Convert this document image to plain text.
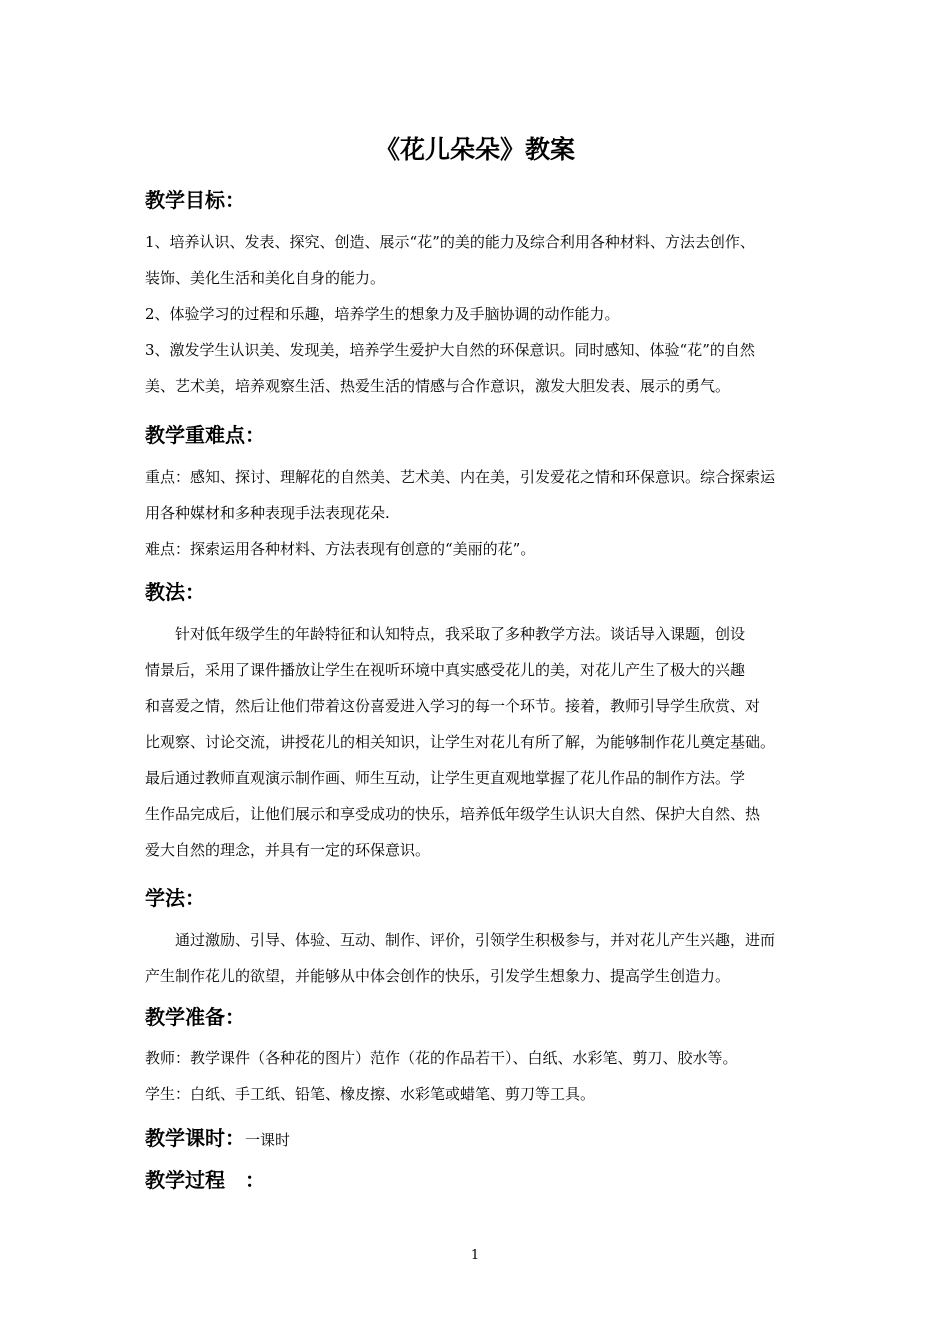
《花儿朵朵》教案
教学目标：
1、培养认识、发表、探究、创造、展示“花”的美的能力及综合利用各种材料、方法去创作、
装饰、美化生活和美化自身的能力。
2、体验学习的过程和乐趣，培养学生的想象力及手脑协调的动作能力。
3、激发学生认识美、发现美，培养学生爱护大自然的环保意识。同时感知、体验“花”的自然
美、艺术美，培养观察生活、热爱生活的情感与合作意识，激发大胆发表、展示的勇气。
教学重难点：
重点：感知、探讨、理解花的自然美、艺术美、内在美，引发爱花之情和环保意识。综合探索运
用各种媒材和多种表现手法表现花朵.
难点：探索运用各种材料、方法表现有创意的“美丽的花”。
教法：
　　针对低年级学生的年龄特征和认知特点，我采取了多种教学方法。谈话导入课题，创设
情景后，采用了课件播放让学生在视听环境中真实感受花儿的美，对花儿产生了极大的兴趣
和喜爱之情，然后让他们带着这份喜爱进入学习的每一个环节。接着，教师引导学生欣赏、对
比观察、讨论交流，讲授花儿的相关知识，让学生对花儿有所了解，为能够制作花儿奠定基础。
最后通过教师直观演示制作画、师生互动，让学生更直观地掌握了花儿作品的制作方法。学
生作品完成后，让他们展示和享受成功的快乐，培养低年级学生认识大自然、保护大自然、热
爱大自然的理念，并具有一定的环保意识。
学法：
　　通过激励、引导、体验、互动、制作、评价，引领学生积极参与，并对花儿产生兴趣，进而
产生制作花儿的欲望，并能够从中体会创作的快乐，引发学生想象力、提高学生创造力。
教学准备：
教师：教学课件（各种花的图片）范作（花的作品若干）、白纸、水彩笔、剪刀、胶水等。
学生：白纸、手工纸、铅笔、橡皮擦、水彩笔或蜡笔、剪刀等工具。
教学课时：一课时
教学过程　：
1
